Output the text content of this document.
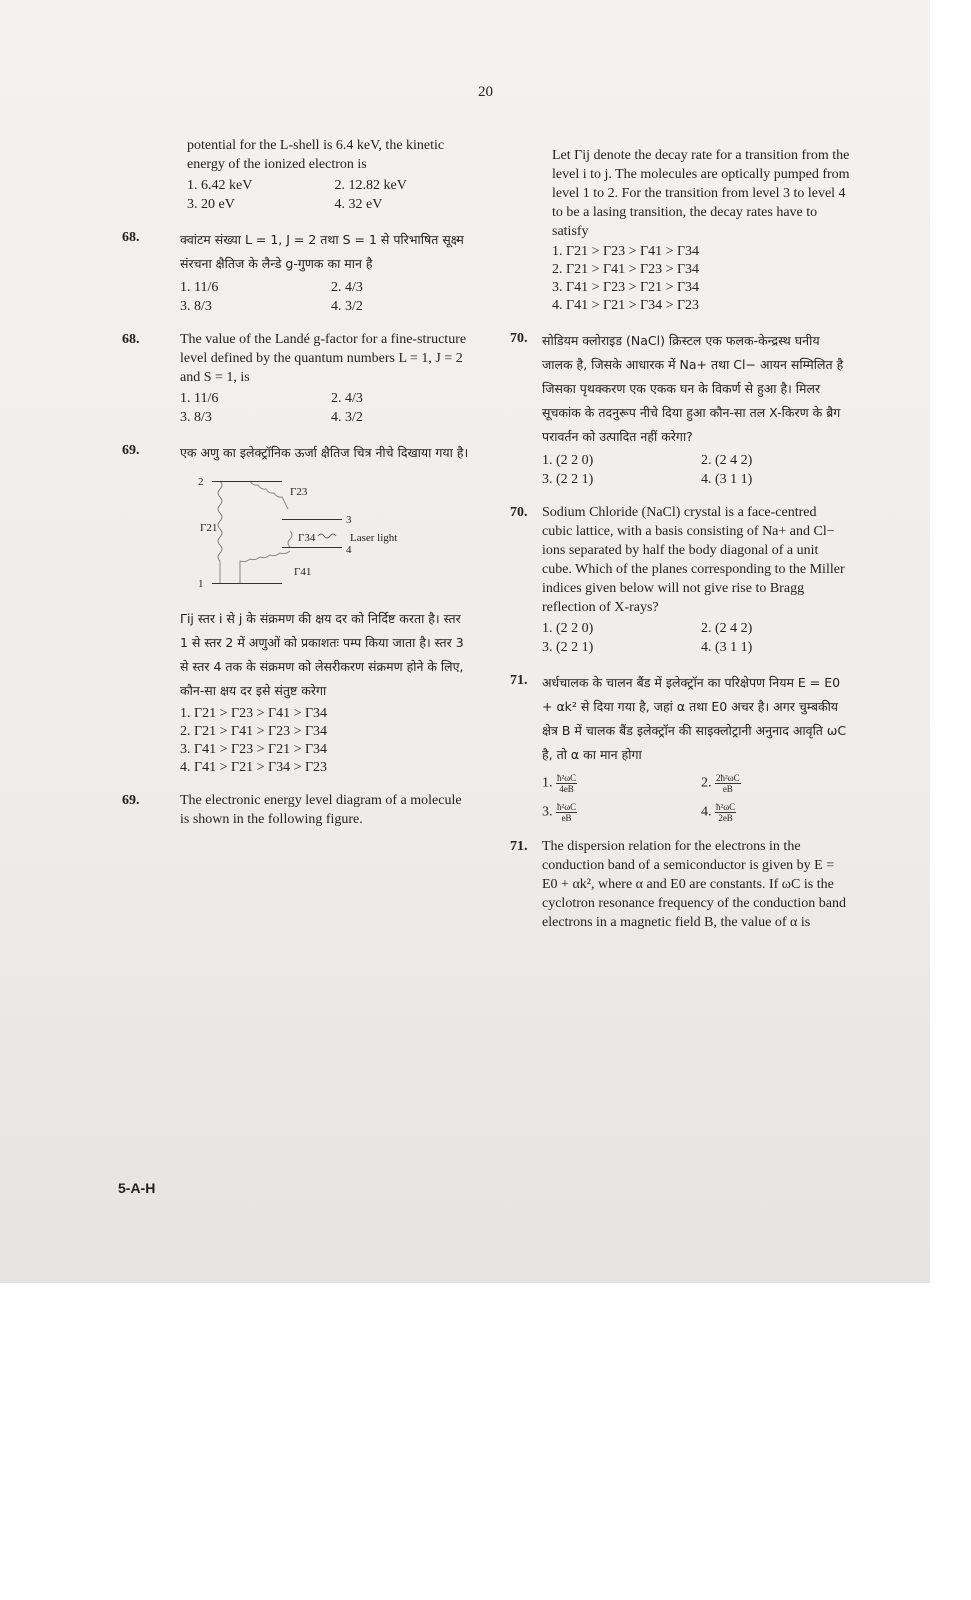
20
potential for the L-shell is 6.4 keV, the kinetic energy of the ionized electron is
1. 6.42 keV	2. 12.82 keV
3. 20 eV	4. 32 eV
68.	क्वांटम संख्या L = 1, J = 2 तथा S = 1 से परिभाषित सूक्ष्म संरचना क्षैतिज के लैन्डे g-गुणक का मान है
1. 11/6	2. 4/3
3. 8/3	4. 3/2
68.	The value of the Landé g-factor for a fine-structure level defined by the quantum numbers L = 1, J = 2 and S = 1, is
1. 11/6	2. 4/3
3. 8/3	4. 3/2
69.	एक अणु का इलेक्ट्रॉनिक ऊर्जा क्षैतिज चित्र नीचे दिखाया गया है।
2
Γ23
3
Γ21
Γ34	Laser light
4
Γ41
1
Γij स्तर i से j के संक्रमण की क्षय दर को निर्दिष्ट करता है। स्तर 1 से स्तर 2 में अणुओं को प्रकाशतः पम्प किया जाता है। स्तर 3 से स्तर 4 तक के संक्रमण को लेसरीकरण संक्रमण होने के लिए, कौन-सा क्षय दर इसे संतुष्ट करेगा
1. Γ21 > Γ23 > Γ41 > Γ34
2. Γ21 > Γ41 > Γ23 > Γ34
3. Γ41 > Γ23 > Γ21 > Γ34
4. Γ41 > Γ21 > Γ34 > Γ23
69.	The electronic energy level diagram of a molecule is shown in the following figure.
Let Γij denote the decay rate for a transition from the level i to j. The molecules are optically pumped from level 1 to 2. For the transition from level 3 to level 4 to be a lasing transition, the decay rates have to satisfy
1. Γ21 > Γ23 > Γ41 > Γ34
2. Γ21 > Γ41 > Γ23 > Γ34
3. Γ41 > Γ23 > Γ21 > Γ34
4. Γ41 > Γ21 > Γ34 > Γ23
70. सोडियम क्लोराइड (NaCl) क्रिस्टल एक फलक-केन्द्रस्थ घनीय जालक है, जिसके आधारक में Na+ तथा Cl− आयन सम्मिलित है जिसका पृथक्करण एक एकक घन के विकर्ण से हुआ है। मिलर सूचकांक के तदनुरूप नीचे दिया हुआ कौन-सा तल X-किरण के ब्रैग परावर्तन को उत्पादित नहीं करेगा?
1. (2 2 0)	2. (2 4 2)
3. (2 2 1)	4. (3 1 1)
70. Sodium Chloride (NaCl) crystal is a face-centred cubic lattice, with a basis consisting of Na+ and Cl− ions separated by half the body diagonal of a unit cube. Which of the planes corresponding to the Miller indices given below will not give rise to Bragg reflection of X-rays?
1. (2 2 0)	2. (2 4 2)
3. (2 2 1)	4. (3 1 1)
71. अर्धचालक के चालन बैंड में इलेक्ट्रॉन का परिक्षेपण नियम E = E0 + αk² से दिया गया है, जहां α तथा E0 अचर है। अगर चुम्बकीय क्षेत्र B में चालक बैंड इलेक्ट्रॉन की साइक्लोट्रानी अनुनाद आवृति ωC है, तो α का मान होगा
1. $\frac{\text{ħ²ωC}}{4eB}$	2. $\frac{\text{2ħ²ωC}}{eB}$
3. $\frac{\text{ħ²ωC}}{eB}$	4. $\frac{\text{ħ²ωC}}{2eB}$
71. The dispersion relation for the electrons in the conduction band of a semiconductor is given by E = E0 + αk², where α and E0 are constants. If ωC is the cyclotron resonance frequency of the conduction band electrons in a magnetic field B, the value of α is
5-A-H
